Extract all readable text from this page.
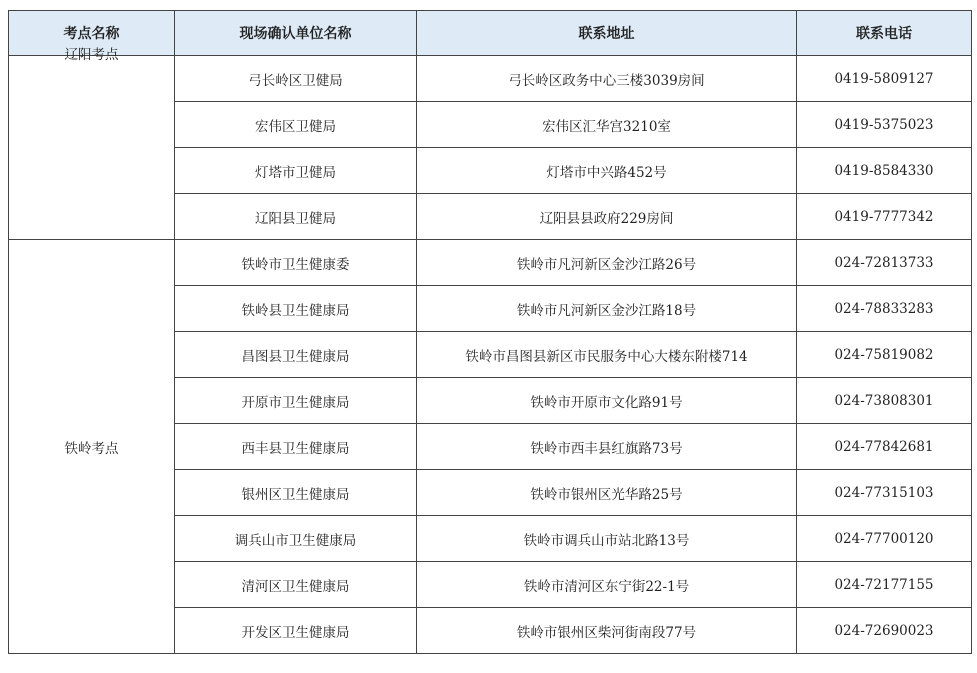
考点名称	现场确认单位名称	联系地址	联系电话

辽阳考点	弓长岭区卫健局	弓长岭区政务中心三楼3039房间	0419-5809127
	宏伟区卫健局	宏伟区汇华宫3210室	0419-5375023
	灯塔市卫健局	灯塔市中兴路452号	0419-8584330
	辽阳县卫健局	辽阳县县政府229房间	0419-7777342
铁岭考点	铁岭市卫生健康委	铁岭市凡河新区金沙江路26号	024-72813733
	铁岭县卫生健康局	铁岭市凡河新区金沙江路18号	024-78833283
	昌图县卫生健康局	铁岭市昌图县新区市民服务中心大楼东附楼714	024-75819082
	开原市卫生健康局	铁岭市开原市文化路91号	024-73808301
	西丰县卫生健康局	铁岭市西丰县红旗路73号	024-77842681
	银州区卫生健康局	铁岭市银州区光华路25号	024-77315103
	调兵山市卫生健康局	铁岭市调兵山市站北路13号	024-77700120
	清河区卫生健康局	铁岭市清河区东宁街22-1号	024-72177155
	开发区卫生健康局	铁岭市银州区柴河街南段77号	024-72690023
